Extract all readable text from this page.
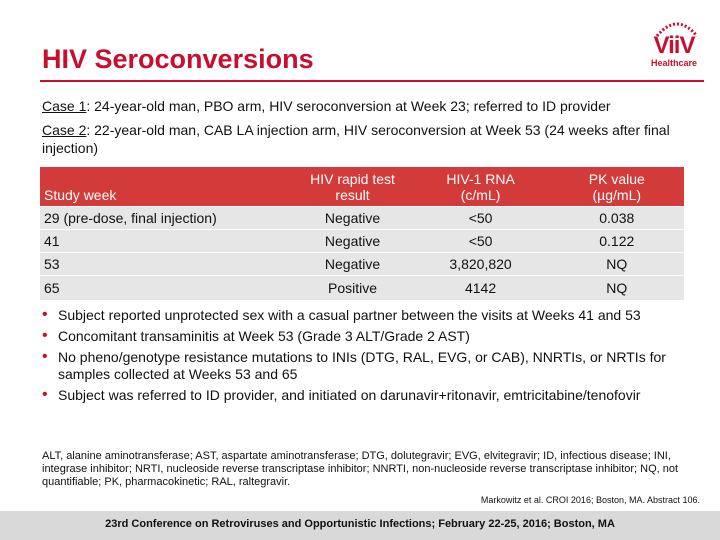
HIV Seroconversions	ViiV
Healthcare
Case 1: 24-year-old man, PBO arm, HIV seroconversion at Week 23; referred to ID provider
Case 2: 22-year-old man, CAB LA injection arm, HIV seroconversion at Week 53 (24 weeks after final injection)
Study week	HIV rapid test result	HIV-1 RNA (c/mL)	PK value (µg/mL)
29 (pre-dose, final injection)	Negative	<50	0.038
41	Negative	<50	0.122
53	Negative	3,820,820	NQ
65	Positive	4142	NQ
• Subject reported unprotected sex with a casual partner between the visits at Weeks 41 and 53
• Concomitant transaminitis at Week 53 (Grade 3 ALT/Grade 2 AST)
• No pheno/genotype resistance mutations to INIs (DTG, RAL, EVG, or CAB), NNRTIs, or NRTIs for samples collected at Weeks 53 and 65
• Subject was referred to ID provider, and initiated on darunavir+ritonavir, emtricitabine/tenofovir
ALT, alanine aminotransferase; AST, aspartate aminotransferase; DTG, dolutegravir; EVG, elvitegravir; ID, infectious disease; INI, integrase inhibitor; NRTI, nucleoside reverse transcriptase inhibitor; NNRTI, non-nucleoside reverse transcriptase inhibitor; NQ, not quantifiable; PK, pharmacokinetic; RAL, raltegravir.
Markowitz et al. CROI 2016; Boston, MA. Abstract 106.
23rd Conference on Retroviruses and Opportunistic Infections; February 22-25, 2016; Boston, MA
